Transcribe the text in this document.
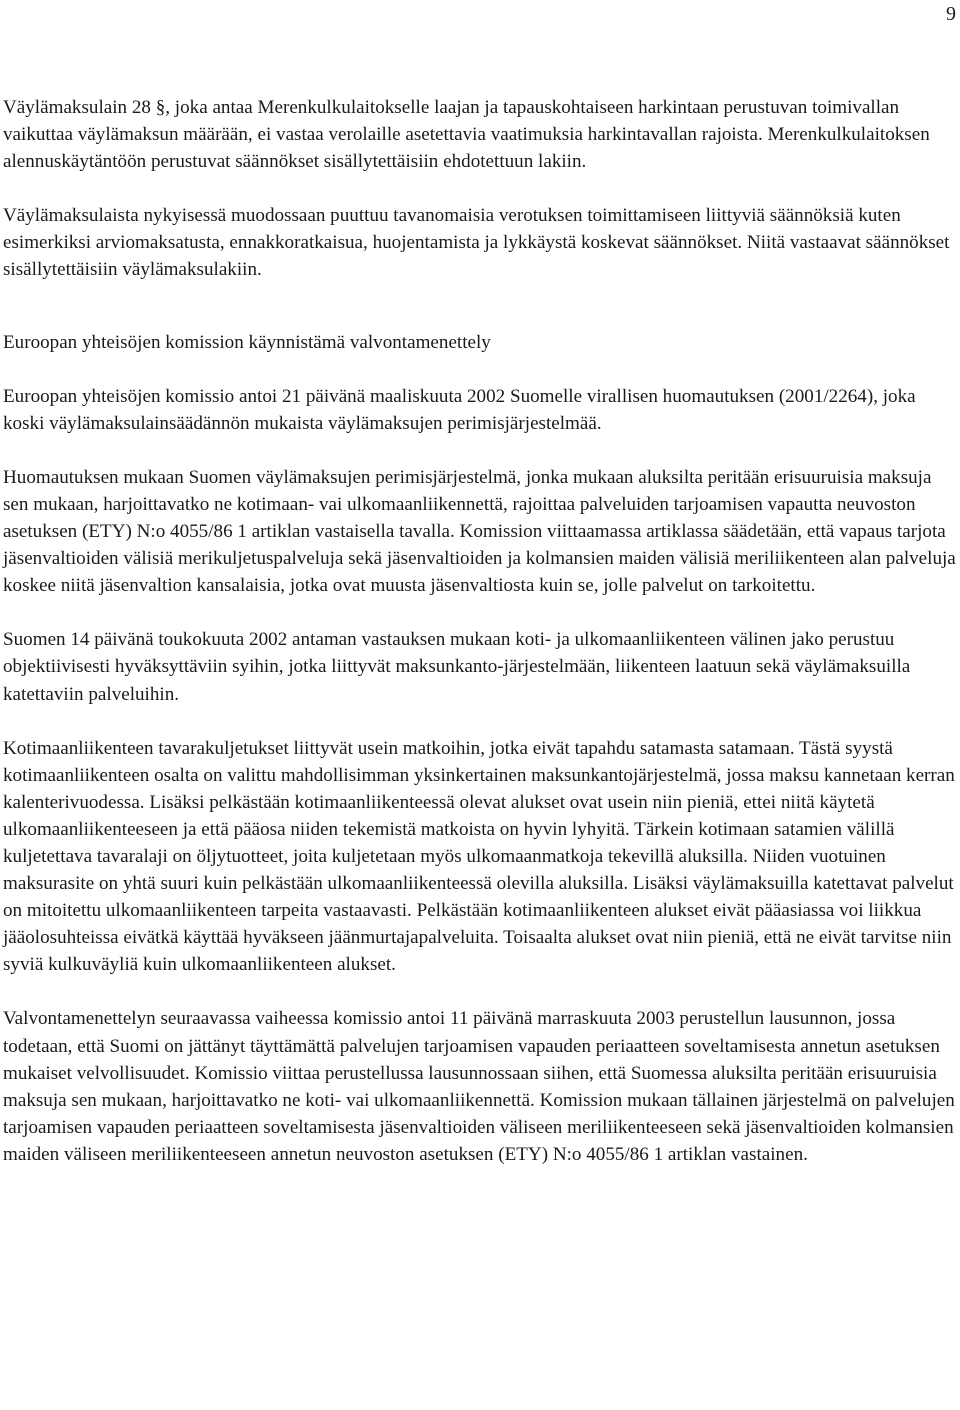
9

Väylämaksulain 28 §, joka antaa Merenkulkulaitokselle laajan ja tapauskohtaiseen harkintaan perustuvan toimivallan vaikuttaa väylämaksun määrään, ei vastaa verolaille asetettavia vaatimuksia harkintavallan rajoista. Merenkulkulaitoksen alennuskäytäntöön perustuvat säännökset sisällytettäisiin ehdotettuun lakiin.

Väylämaksulaista nykyisessä muodossaan puuttuu tavanomaisia verotuksen toimittamiseen liittyviä säännöksiä kuten esimerkiksi arviomaksatusta, ennakkoratkaisua, huojentamista ja lykkäystä koskevat säännökset. Niitä vastaavat säännökset sisällytettäisiin väylämaksulakiin.

Euroopan yhteisöjen komission käynnistämä valvontamenettely

Euroopan yhteisöjen komissio antoi 21 päivänä maaliskuuta 2002 Suomelle virallisen huomautuksen (2001/2264), joka koski väylämaksulainsäädännön mukaista väylämaksujen perimisjärjestelmää.

Huomautuksen mukaan Suomen väylämaksujen perimisjärjestelmä, jonka mukaan aluksilta peritään erisuuruisia maksuja sen mukaan, harjoittavatko ne kotimaan- vai ulkomaanliikennettä, rajoittaa palveluiden tarjoamisen vapautta neuvoston asetuksen (ETY) N:o 4055/86 1 artiklan vastaisella tavalla. Komission viittaamassa artiklassa säädetään, että vapaus tarjota jäsenvaltioiden välisiä merikuljetuspalveluja sekä jäsenvaltioiden ja kolmansien maiden välisiä meriliikenteen alan palveluja koskee niitä jäsenvaltion kansalaisia, jotka ovat muusta jäsenvaltiosta kuin se, jolle palvelut on tarkoitettu.

Suomen 14 päivänä toukokuuta 2002 antaman vastauksen mukaan koti- ja ulkomaanliikenteen välinen jako perustuu objektiivisesti hyväksyttäviin syihin, jotka liittyvät maksunkanto-järjestelmään, liikenteen laatuun sekä väylämaksuilla katettaviin palveluihin.

Kotimaanliikenteen tavarakuljetukset liittyvät usein matkoihin, jotka eivät tapahdu satamasta satamaan. Tästä syystä kotimaanliikenteen osalta on valittu mahdollisimman yksinkertainen maksunkantojärjestelmä, jossa maksu kannetaan kerran kalenterivuodessa. Lisäksi pelkästään kotimaanliikenteessä olevat alukset ovat usein niin pieniä, ettei niitä käytetä ulkomaanliikenteeseen ja että pääosa niiden tekemistä matkoista on hyvin lyhyitä. Tärkein kotimaan satamien välillä kuljetettava tavaralaji on öljytuotteet, joita kuljetetaan myös ulkomaanmatkoja tekevillä aluksilla. Niiden vuotuinen maksurasite on yhtä suuri kuin pelkästään ulkomaanliikenteessä olevilla aluksilla. Lisäksi väylämaksuilla katettavat palvelut on mitoitettu ulkomaanliikenteen tarpeita vastaavasti. Pelkästään kotimaanliikenteen alukset eivät pääasiassa voi liikkua jääolosuhteissa eivätkä käyttää hyväkseen jäänmurtajapalveluita. Toisaalta alukset ovat niin pieniä, että ne eivät tarvitse niin syviä kulkuväyliä kuin ulkomaanliikenteen alukset.

Valvontamenettelyn seuraavassa vaiheessa komissio antoi 11 päivänä marraskuuta 2003 perustellun lausunnon, jossa todetaan, että Suomi on jättänyt täyttämättä palvelujen tarjoamisen vapauden periaatteen soveltamisesta annetun asetuksen mukaiset velvollisuudet. Komissio viittaa perustellussa lausunnossaan siihen, että Suomessa aluksilta peritään erisuuruisia maksuja sen mukaan, harjoittavatko ne koti- vai ulkomaanliikennettä. Komission mukaan tällainen järjestelmä on palvelujen tarjoamisen vapauden periaatteen soveltamisesta jäsenvaltioiden väliseen meriliikenteeseen sekä jäsenvaltioiden kolmansien maiden väliseen meriliikenteeseen annetun neuvoston asetuksen (ETY) N:o 4055/86 1 artiklan vastainen.
